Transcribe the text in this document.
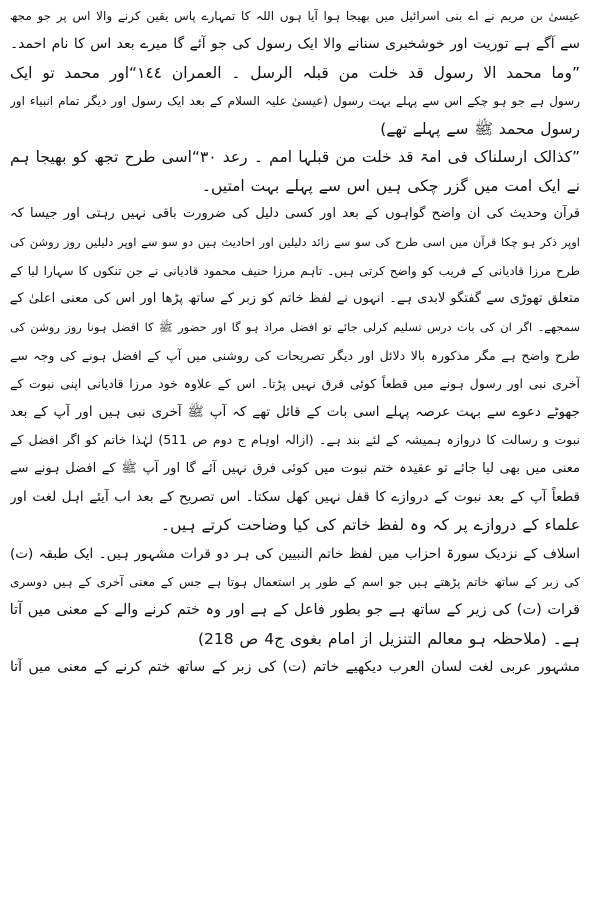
عیسیٰ بن مریم نے اے بنی اسرائیل میں بھیجا ہوا آیا ہوں اللہ کا تمہارے پاس یقین کرنے والا اس پر جو مجھ
سے آگے ہے توریت اور خوشخبری سنانے والا ایک رسول کی جو آئے گا میرے بعد اس کا نام احمد۔
”وما محمد الا رسول قد خلت من قبلہ الرسل ۔ العمران ۱٤٤“اور محمد تو ایک
رسول ہے جو ہو چکے اس سے پہلے بہت رسول (عیسیٰ علیہ السلام کے بعد ایک رسول اور دیگر تمام انبیاء اور
رسول محمد ﷺ سے پہلے تھے)
”کذالک ارسلناک فی امۃ قد خلت من قبلہا امم ۔ رعد ۳۰“اسی طرح تجھ کو بھیجا ہم
نے ایک امت میں گزر چکی ہیں اس سے پہلے بہت امتیں۔
قرآن وحدیث کی ان واضح گواہوں کے بعد اور کسی دلیل کی ضرورت باقی نہیں رہتی اور جیسا کہ
اوپر ذکر ہو چکا قرآن میں اسی طرح کی سو سے زائد دلیلیں اور احادیث ہیں دو سو سے اوپر دلیلیں روز روشن کی
طرح مرزا قادیانی کے فریب کو واضح کرتی ہیں۔ تاہم مرزا حنیف محمود قادیانی نے جن تنکوں کا سہارا لیا کے
متعلق تھوڑی سے گفتگو لابدی ہے۔ انہوں نے لفظ خاتم کو زبر کے ساتھ پڑھا اور اس کی معنی اعلیٰ کے
سمجھے۔ اگر ان کی بات درس تسلیم کرلی جائے تو افضل مراد ہو گا اور حضور ﷺ کا افضل ہونا روز روشن کی
طرح واضح ہے مگر مذکورہ بالا دلائل اور دیگر تصریحات کی روشنی میں آپ کے افضل ہونے کی وجہ سے
آخری نبی اور رسول ہونے میں قطعاً کوئی فرق نہیں پڑتا۔ اس کے علاوہ خود مرزا قادیانی اپنی نبوت کے
جھوٹے دعوے سے بہت عرصہ پہلے اسی بات کے قائل تھے کہ آپ ﷺ آخری نبی ہیں اور آپ کے بعد
نبوت و رسالت کا دروازہ ہمیشہ کے لئے بند ہے۔ (ازالہ اوہام ج دوم ص 511) لہٰذا خاتم کو اگر افضل کے
معنی میں بھی لیا جائے تو عقیدہ ختم نبوت میں کوئی فرق نہیں آئے گا اور آپ ﷺ کے افضل ہونے سے
قطعاً آپ کے بعد نبوت کے دروازے کا قفل نہیں کھل سکتا۔ اس تصریح کے بعد اب آیئے اہل لغت اور
علماء کے دروازے پر کہ وہ لفظ خاتم کی کیا وضاحت کرتے ہیں۔
اسلاف کے نزدیک سورۃ احزاب میں لفظ خاتم النبیین کی ہر دو قرات مشہور ہیں۔ ایک طبقہ (ت)
کی زبر کے ساتھ خاتم پڑھتے ہیں جو اسم کے طور پر استعمال ہوتا ہے جس کے معنی آخری کے ہیں دوسری
قرات (ت) کی زیر کے ساتھ ہے جو بطور فاعل کے ہے اور وہ ختم کرنے والے کے معنی میں آتا
ہے۔ (ملاحظہ ہو معالم التنزیل از امام بغوی ج4 ص 218)
مشہور عربی لغت لسان العرب دیکھیے خاتم (ت) کی زبر کے ساتھ ختم کرنے کے معنی میں آتا
